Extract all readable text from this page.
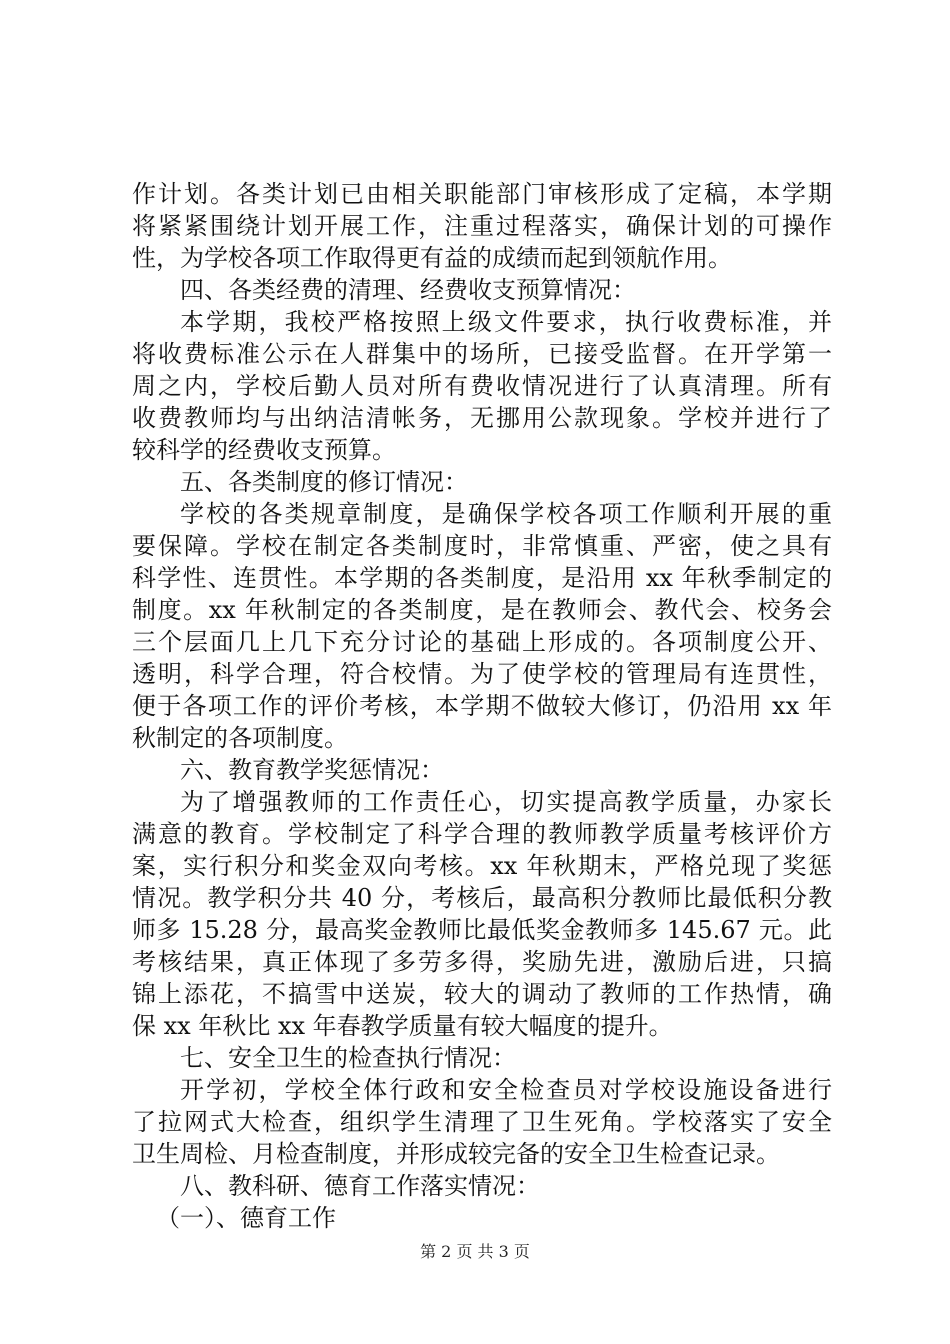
作计划。各类计划已由相关职能部门审核形成了定稿，本学期
将紧紧围绕计划开展工作，注重过程落实，确保计划的可操作
性，为学校各项工作取得更有益的成绩而起到领航作用。
四、各类经费的清理、经费收支预算情况：
本学期，我校严格按照上级文件要求，执行收费标准，并
将收费标准公示在人群集中的场所，已接受监督。在开学第一
周之内，学校后勤人员对所有费收情况进行了认真清理。所有
收费教师均与出纳洁清帐务，无挪用公款现象。学校并进行了
较科学的经费收支预算。
五、各类制度的修订情况：
学校的各类规章制度，是确保学校各项工作顺利开展的重
要保障。学校在制定各类制度时，非常慎重、严密，使之具有
科学性、连贯性。本学期的各类制度，是沿用 xx 年秋季制定的
制度。xx 年秋制定的各类制度，是在教师会、教代会、校务会
三个层面几上几下充分讨论的基础上形成的。各项制度公开、
透明，科学合理，符合校情。为了使学校的管理局有连贯性，
便于各项工作的评价考核，本学期不做较大修订，仍沿用 xx 年
秋制定的各项制度。
六、教育教学奖惩情况：
为了增强教师的工作责任心，切实提高教学质量，办家长
满意的教育。学校制定了科学合理的教师教学质量考核评价方
案，实行积分和奖金双向考核。xx 年秋期末，严格兑现了奖惩
情况。教学积分共 40 分，考核后，最高积分教师比最低积分教
师多 15.28 分，最高奖金教师比最低奖金教师多 145.67 元。此
考核结果，真正体现了多劳多得，奖励先进，激励后进，只搞
锦上添花，不搞雪中送炭，较大的调动了教师的工作热情，确
保 xx 年秋比 xx 年春教学质量有较大幅度的提升。
七、安全卫生的检查执行情况：
开学初，学校全体行政和安全检查员对学校设施设备进行
了拉网式大检查，组织学生清理了卫生死角。学校落实了安全
卫生周检、月检查制度，并形成较完备的安全卫生检查记录。
八、教科研、德育工作落实情况：
（一）、德育工作
第 2 页 共 3 页
